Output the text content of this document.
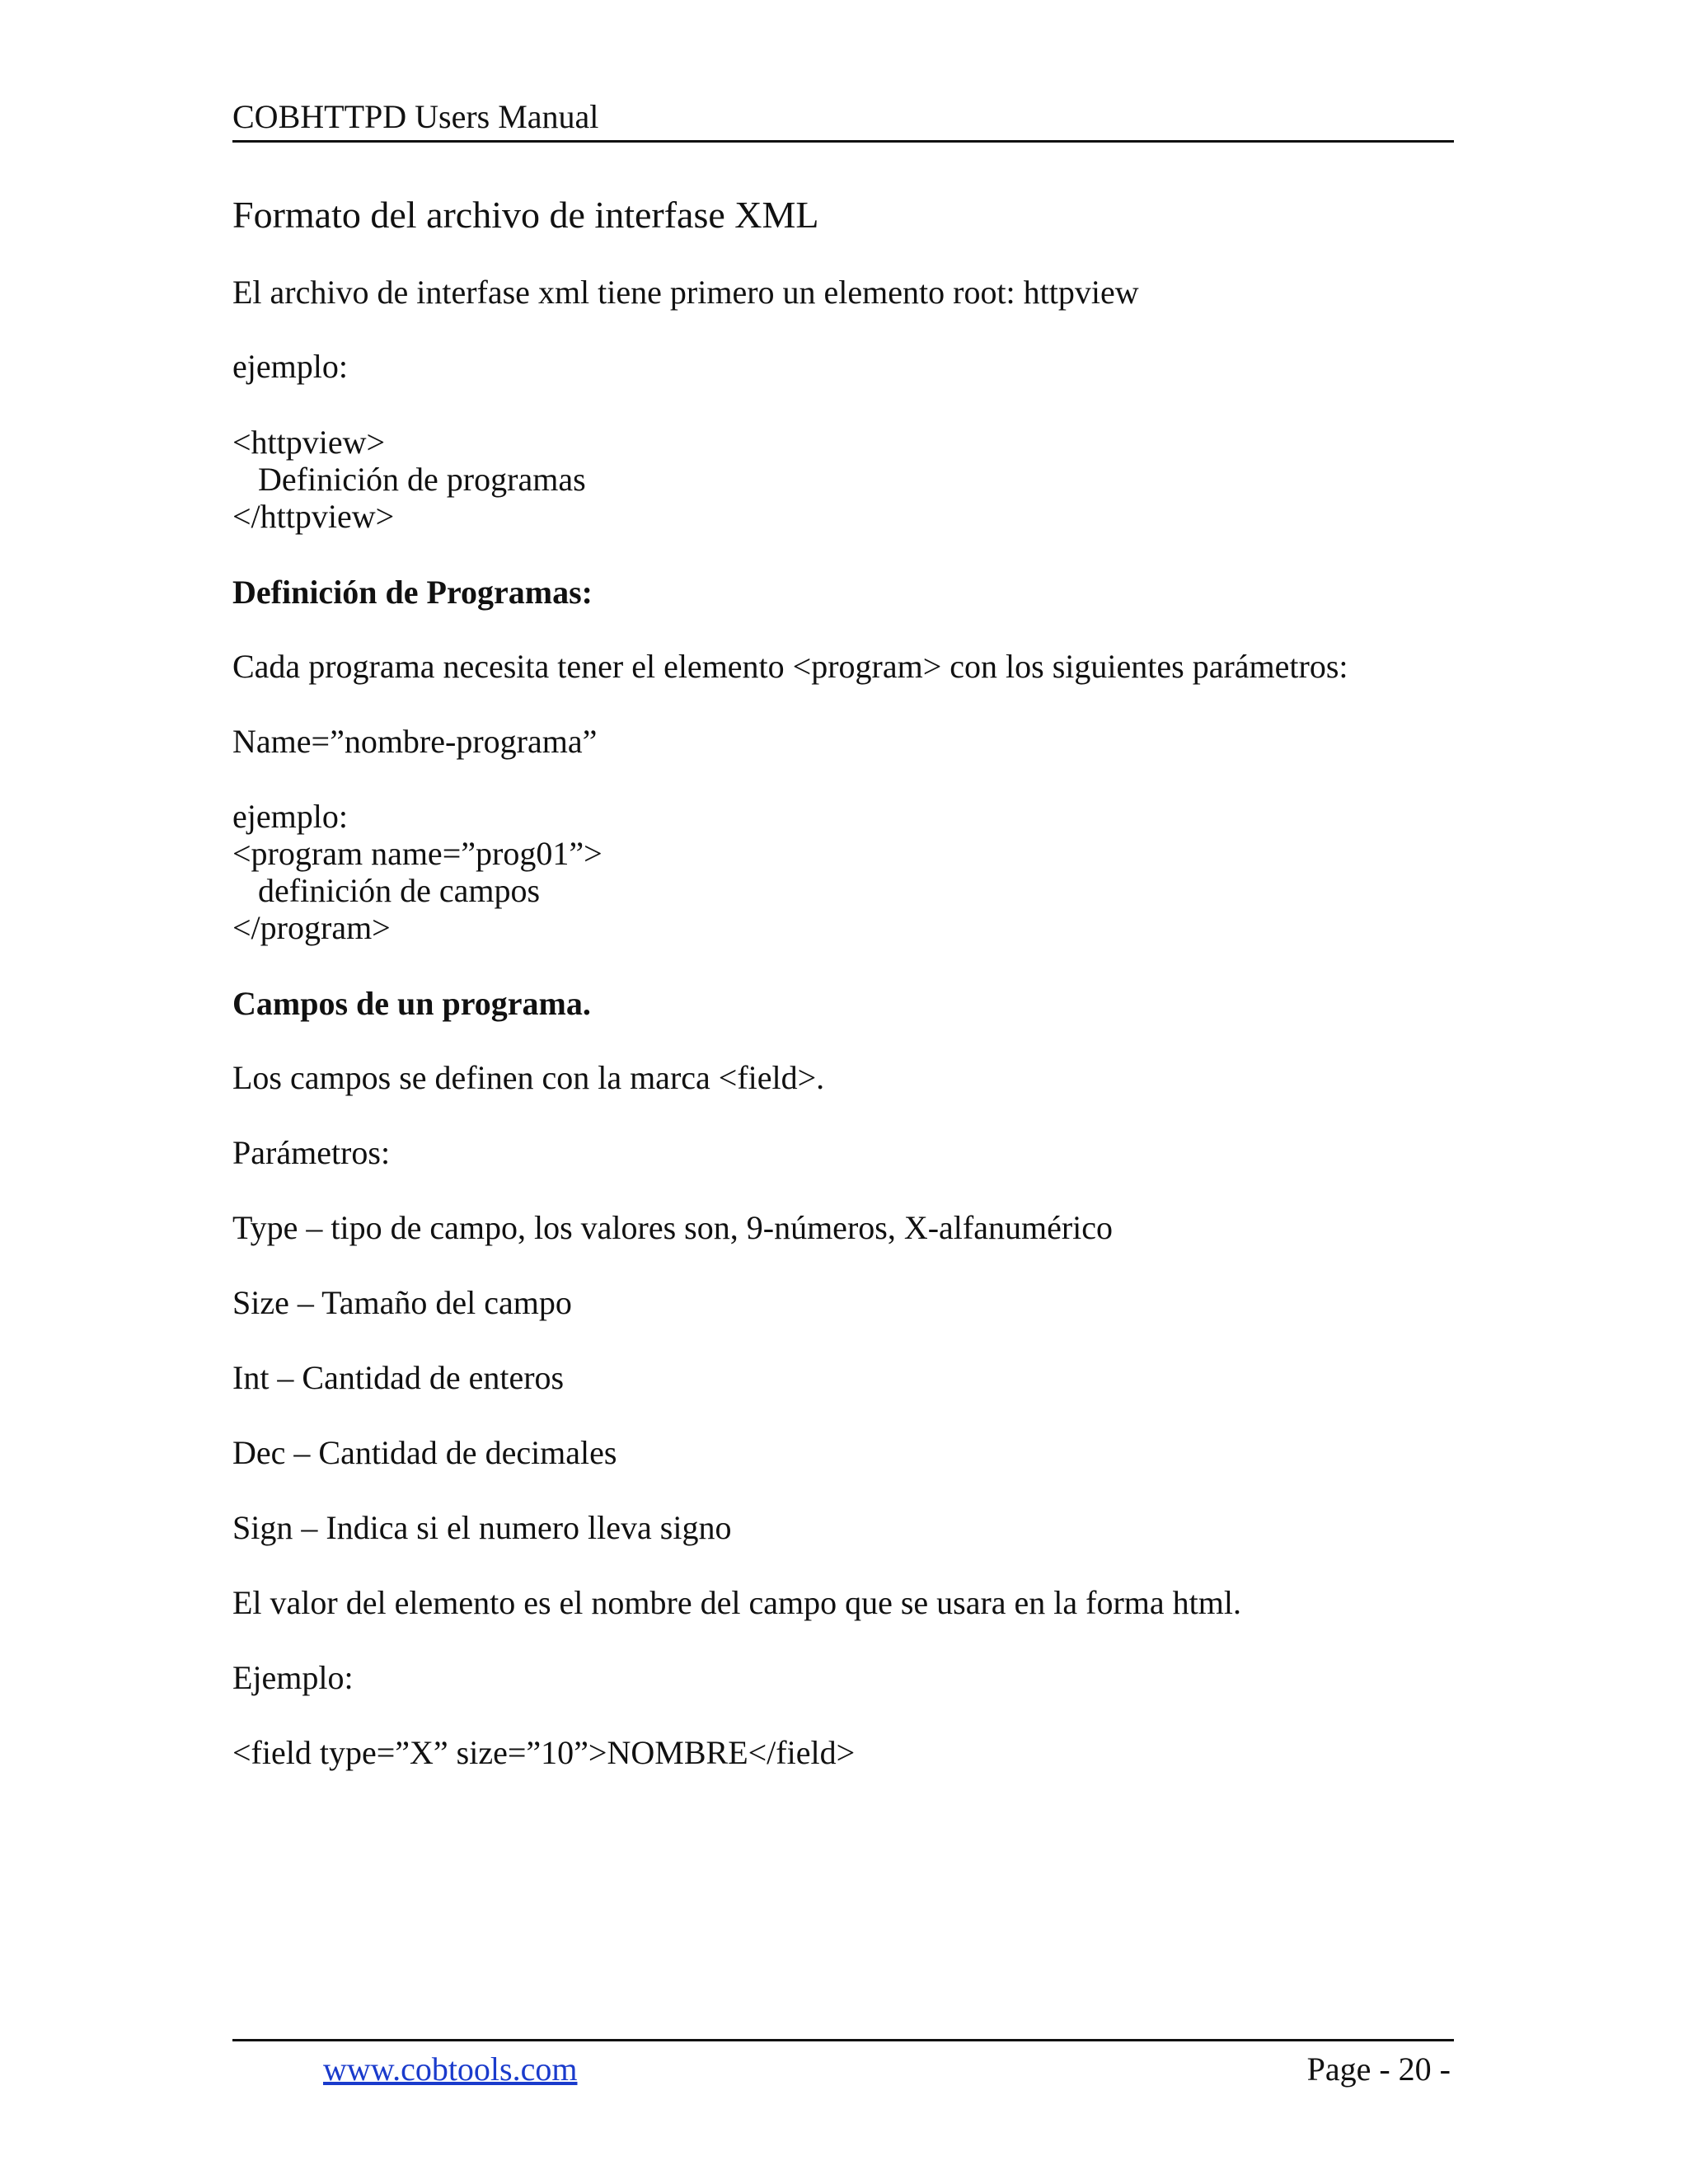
COBHTTPD Users Manual
Formato del archivo de interfase XML
El archivo de interfase xml tiene primero un elemento root: httpview
ejemplo:
<httpview>
Definición de programas
</httpview>
Definición de Programas:
Cada programa necesita tener el elemento <program> con los siguientes parámetros:
Name=”nombre-programa”
ejemplo:
<program name=”prog01”>
definición de campos
</program>
Campos de un programa.
Los campos se definen con la marca <field>.
Parámetros:
Type – tipo de campo, los valores son, 9-números, X-alfanumérico
Size – Tamaño del campo
Int – Cantidad de enteros
Dec – Cantidad de decimales
Sign – Indica si el numero lleva signo
El valor del elemento es el nombre del campo que se usara en la forma html.
Ejemplo:
<field type=”X” size=”10”>NOMBRE</field>
www.cobtools.com	Page - 20 -
